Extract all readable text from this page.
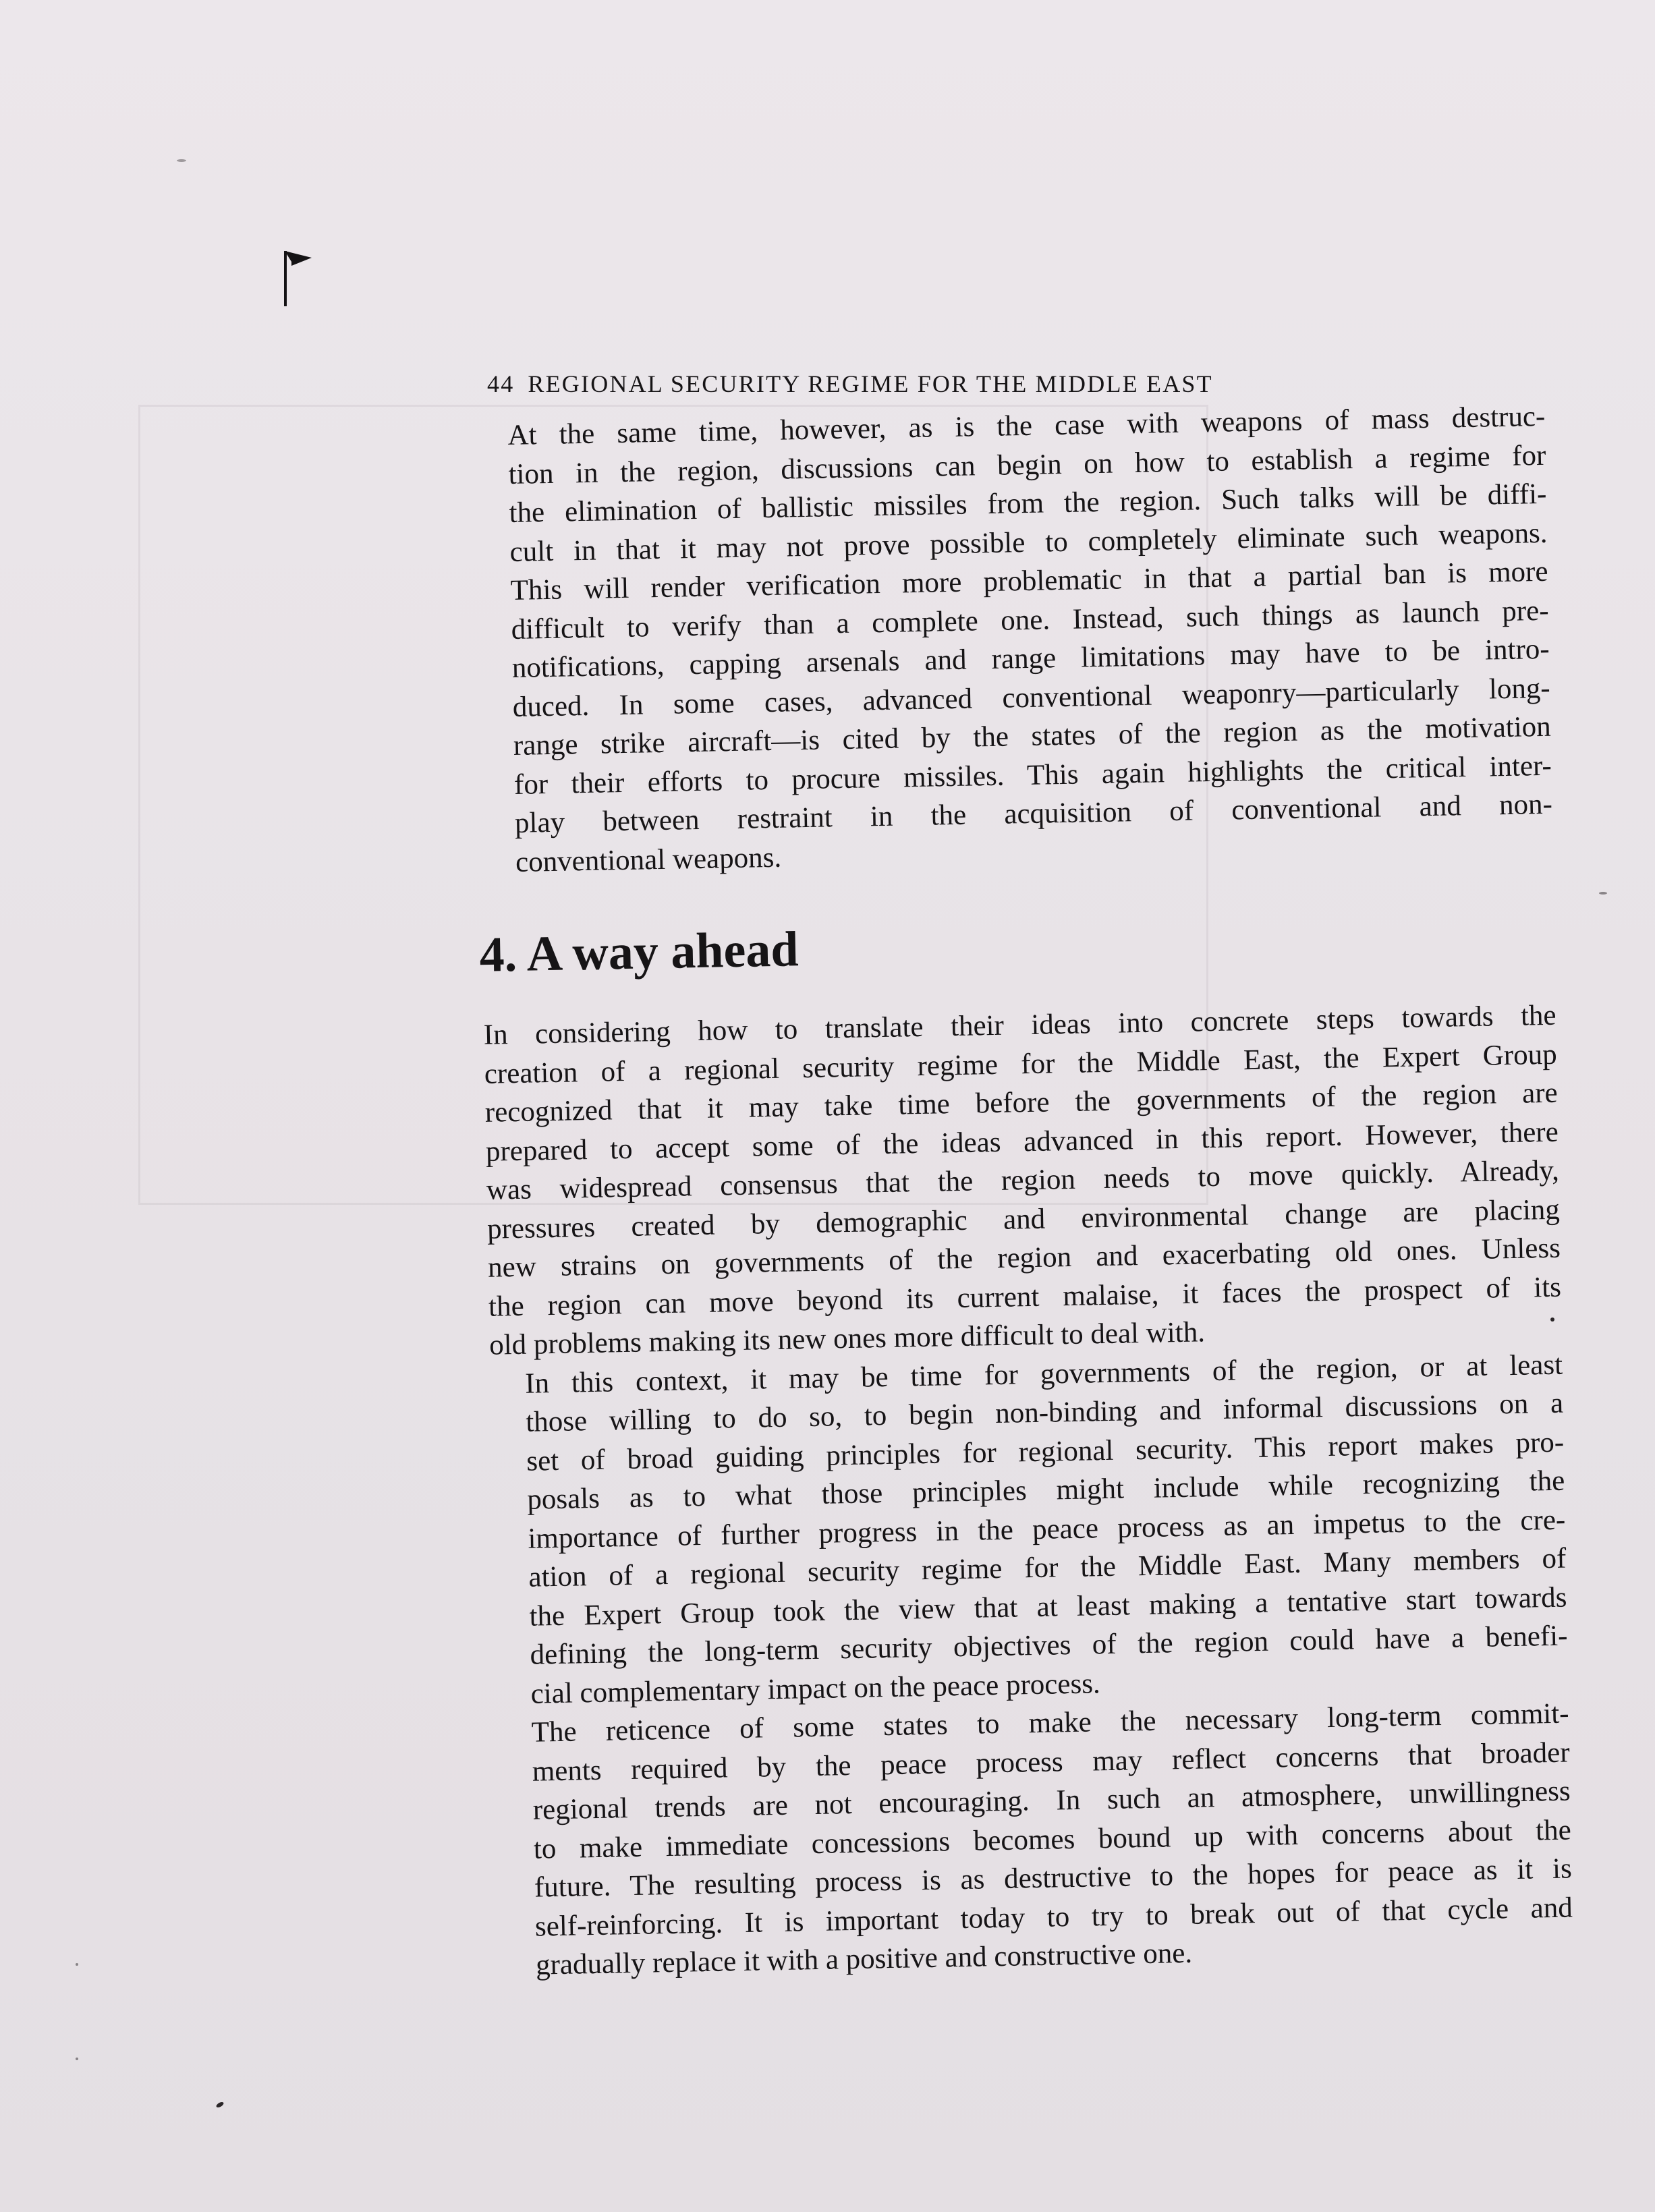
44 REGIONAL SECURITY REGIME FOR THE MIDDLE EAST

At the same time, however, as is the case with weapons of mass destruc-
tion in the region, discussions can begin on how to establish a regime for
the elimination of ballistic missiles from the region. Such talks will be diffi-
cult in that it may not prove possible to completely eliminate such weapons.
This will render verification more problematic in that a partial ban is more
difficult to verify than a complete one. Instead, such things as launch pre-
notifications, capping arsenals and range limitations may have to be intro-
duced. In some cases, advanced conventional weaponry—particularly long-
range strike aircraft—is cited by the states of the region as the motivation
for their efforts to procure missiles. This again highlights the critical inter-
play between restraint in the acquisition of conventional and non-
conventional weapons.

4. A way ahead

In considering how to translate their ideas into concrete steps towards the
creation of a regional security regime for the Middle East, the Expert Group
recognized that it may take time before the governments of the region are
prepared to accept some of the ideas advanced in this report. However, there
was widespread consensus that the region needs to move quickly. Already,
pressures created by demographic and environmental change are placing
new strains on governments of the region and exacerbating old ones. Unless
the region can move beyond its current malaise, it faces the prospect of its
old problems making its new ones more difficult to deal with.

In this context, it may be time for governments of the region, or at least
those willing to do so, to begin non-binding and informal discussions on a
set of broad guiding principles for regional security. This report makes pro-
posals as to what those principles might include while recognizing the
importance of further progress in the peace process as an impetus to the cre-
ation of a regional security regime for the Middle East. Many members of
the Expert Group took the view that at least making a tentative start towards
defining the long-term security objectives of the region could have a benefi-
cial complementary impact on the peace process.

The reticence of some states to make the necessary long-term commit-
ments required by the peace process may reflect concerns that broader
regional trends are not encouraging. In such an atmosphere, unwillingness
to make immediate concessions becomes bound up with concerns about the
future. The resulting process is as destructive to the hopes for peace as it is
self-reinforcing. It is important today to try to break out of that cycle and
gradually replace it with a positive and constructive one.
